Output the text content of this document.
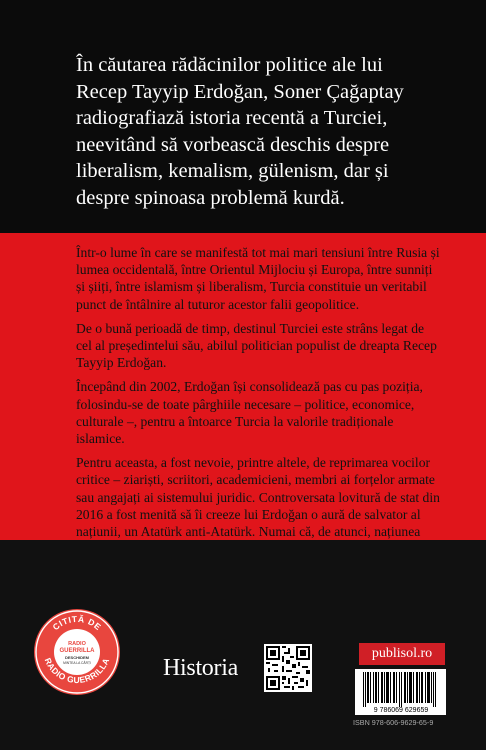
În căutarea rădăcinilor politice ale lui Recep Tayyip Erdoğan, Soner Çağaptay radiografiază istoria recentă a Turciei, neevitând să vorbească deschis despre liberalism, kemalism, gülenism, dar și despre spinoasa problemă kurdă.

Într-o lume în care se manifestă tot mai mari tensiuni între Rusia și lumea occidentală, între Orientul Mijlociu și Europa, între sunniți și șiiți, între islamism și liberalism, Turcia constituie un veritabil punct de întâlnire al tuturor acestor falii geopolitice.

De o bună perioadă de timp, destinul Turciei este strâns legat de cel al președintelui său, abilul politician populist de dreapta Recep Tayyip Erdoğan.

Începând din 2002, Erdoğan își consolidează pas cu pas poziția, folosindu-se de toate pârghiile necesare – politice, economice, culturale –, pentru a întoarce Turcia la valorile tradiționale islamice.

Pentru aceasta, a fost nevoie, printre altele, de reprimarea vocilor critice – ziariști, scriitori, academicieni, membri ai forțelor armate sau angajați ai sistemului juridic. Controversata lovitură de stat din 2016 a fost menită să îi creeze lui Erdoğan o aură de salvator al națiunii, un Atatürk anti-Atatürk. Numai că, de atunci, națiunea

CITITĂ DE
RADIO GUERRILLA
RADIO
GUERRILLA
DESCHIDEM
MINTEA LA CĂRȚI	Historia
publisol.ro
9 786069 629659
ISBN 978-606-9629-65-9
